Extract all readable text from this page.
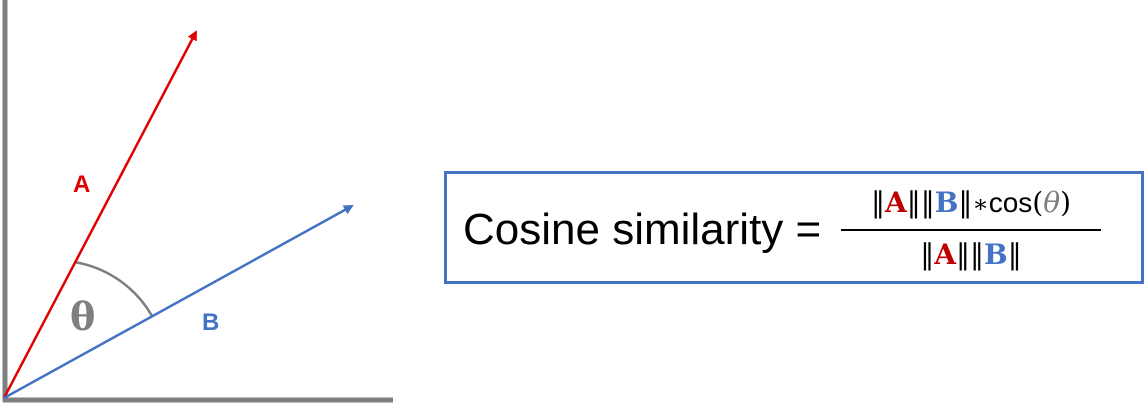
A
B
θ
Cosine similarity =
‖A‖‖B‖∗cos(θ)
‖A‖‖B‖
